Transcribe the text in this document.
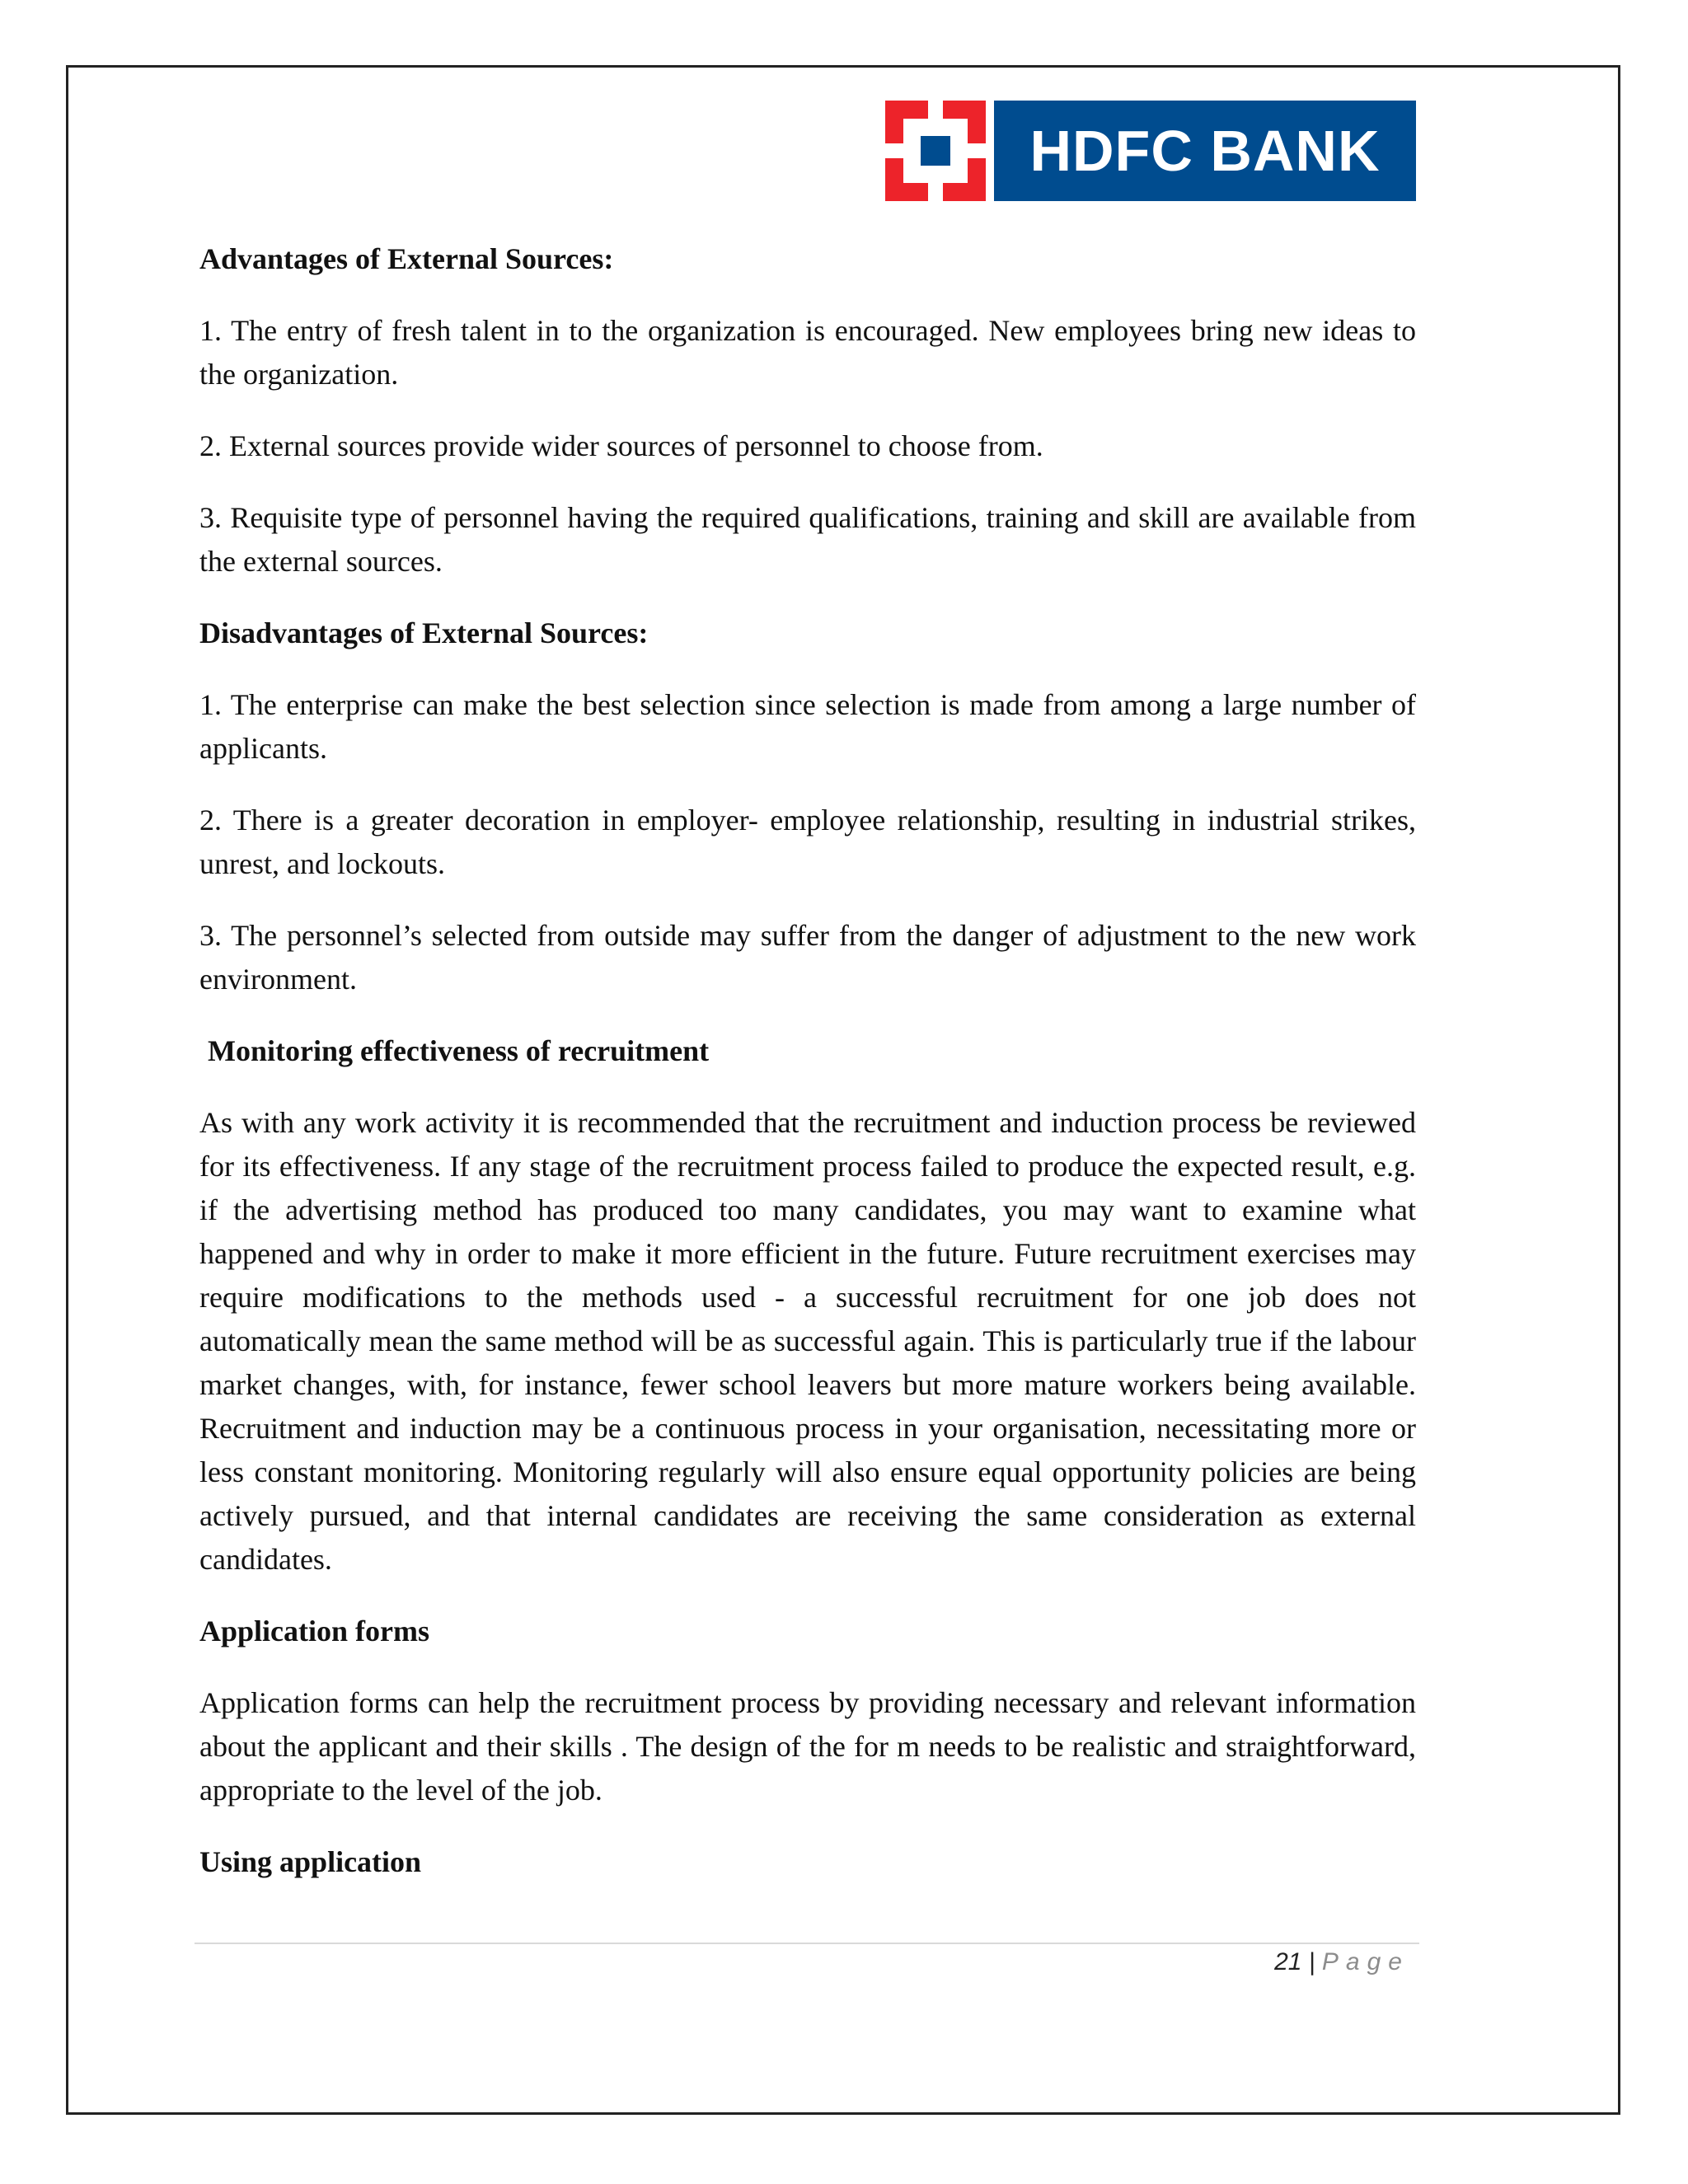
HDFC BANK
Advantages of External Sources:

1. The entry of fresh talent in to the organization is encouraged. New employees bring new ideas to the organization.

2. External sources provide wider sources of personnel to choose from.

3. Requisite type of personnel having the required qualifications, training and skill are available from the external sources.

Disadvantages of External Sources:

1. The enterprise can make the best selection since selection is made from among a large number of applicants.

2. There is a greater decoration in employer- employee relationship, resulting in industrial strikes, unrest, and lockouts.

3. The personnel’s selected from outside may suffer from the danger of adjustment to the new work environment.

Monitoring effectiveness of recruitment

As with any work activity it is recommended that the recruitment and induction process be reviewed for its effectiveness. If any stage of the recruitment process failed to produce the expected result, e.g. if the advertising method has produced too many candidates, you may want to examine what happened and why in order to make it more efficient in the future. Future recruitment exercises may require modifications to the methods used - a successful recruitment for one job does not automatically mean the same method will be as successful again. This is particularly true if the labour market changes, with, for instance, fewer school leavers but more mature workers being available. Recruitment and induction may be a continuous process in your organisation, necessitating more or less constant monitoring. Monitoring regularly will also ensure equal opportunity policies are being actively pursued, and that internal candidates are receiving the same consideration as external candidates.

Application forms

Application forms can help the recruitment process by providing necessary and relevant information about the applicant and their skills . The design of the for m needs to be realistic and straightforward, appropriate to the level of the job.

Using application
21 | Page
